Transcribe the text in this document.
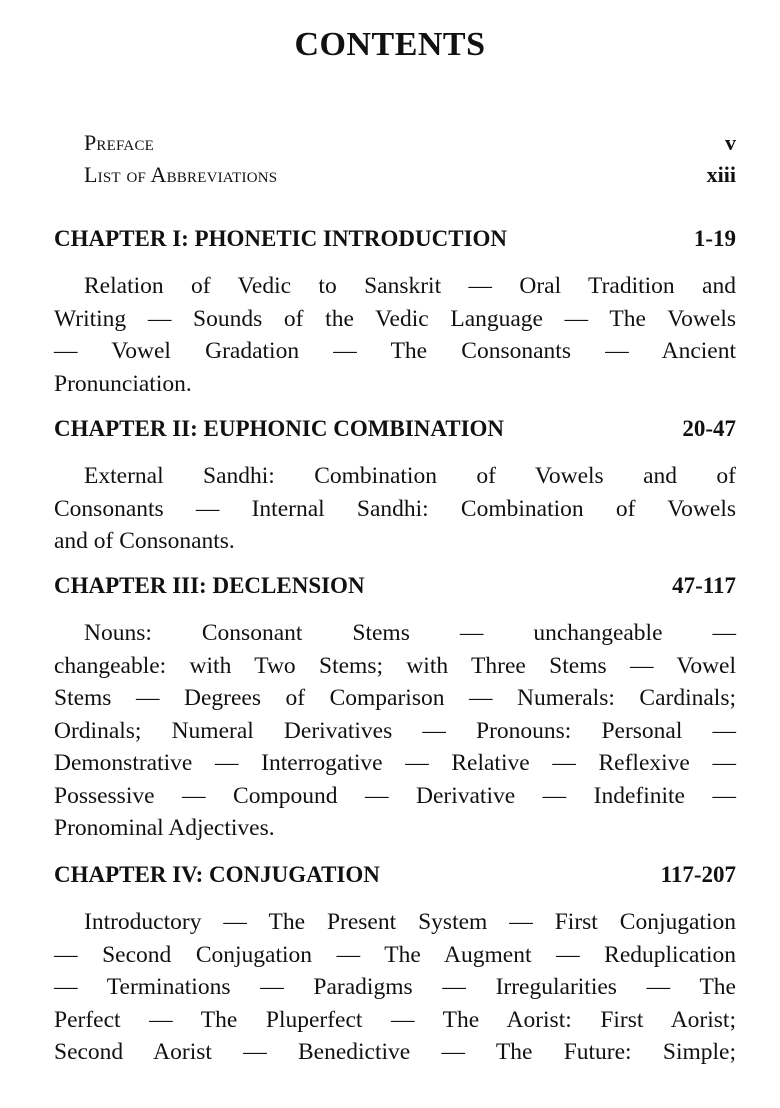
CONTENTS
Preface	v
List of Abbreviations	xiii
CHAPTER I: PHONETIC INTRODUCTION	1-19
Relation of Vedic to Sanskrit — Oral Tradition and
Writing — Sounds of the Vedic Language — The Vowels
— Vowel Gradation — The Consonants — Ancient
Pronunciation.
CHAPTER II: EUPHONIC COMBINATION	20-47
External Sandhi: Combination of Vowels and of
Consonants — Internal Sandhi: Combination of Vowels
and of Consonants.
CHAPTER III: DECLENSION	47-117
Nouns: Consonant Stems — unchangeable —
changeable: with Two Stems; with Three Stems — Vowel
Stems — Degrees of Comparison — Numerals: Cardinals;
Ordinals; Numeral Derivatives — Pronouns: Personal —
Demonstrative — Interrogative — Relative — Reflexive —
Possessive — Compound — Derivative — Indefinite —
Pronominal Adjectives.
CHAPTER IV: CONJUGATION	117-207
Introductory — The Present System — First Conjugation
— Second Conjugation — The Augment — Reduplication
— Terminations — Paradigms — Irregularities — The
Perfect — The Pluperfect — The Aorist: First Aorist;
Second Aorist — Benedictive — The Future: Simple;
